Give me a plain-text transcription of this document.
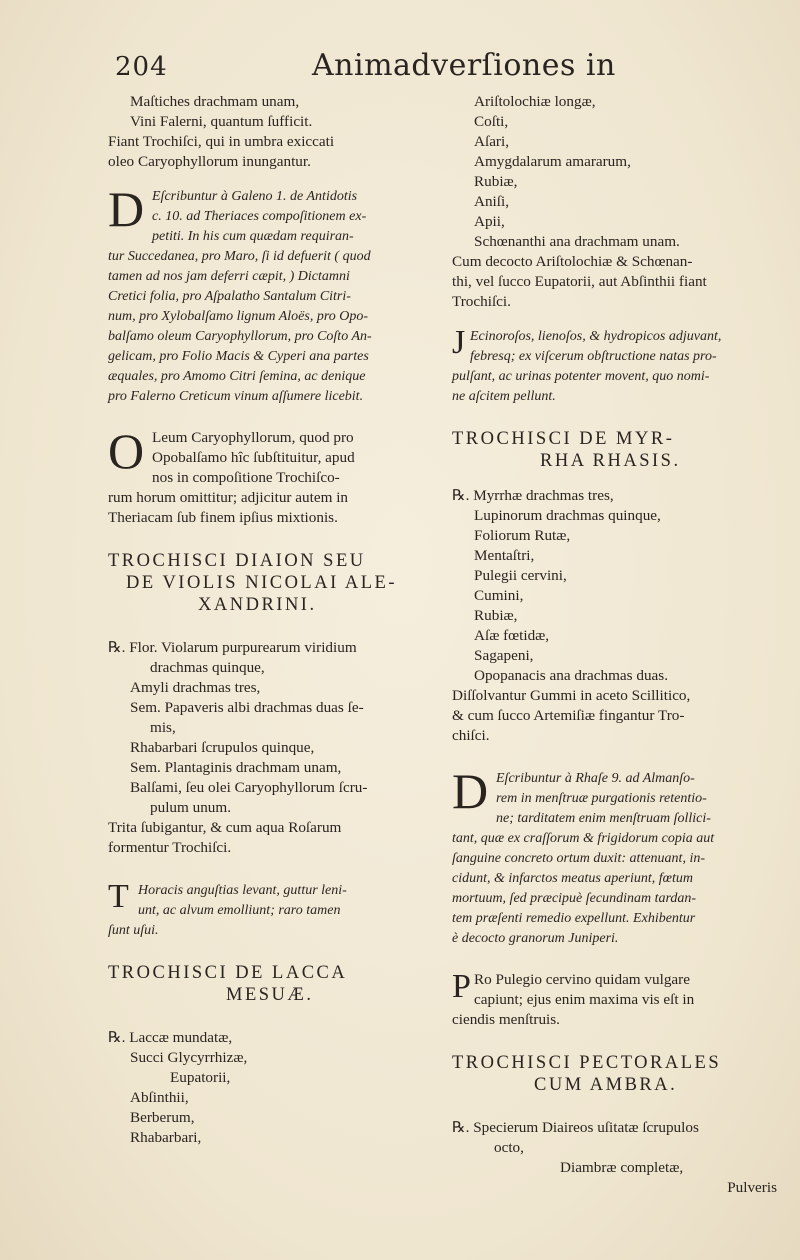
204	Animadverſiones in
Maſtiches drachmam unam,
Vini Falerni, quantum ſufficit.
Fiant Trochiſci, qui in umbra exiccati
oleo Caryophyllorum inungantur.
D Eſcribuntur à Galeno 1. de Antidotis
c. 10. ad Theriaces compoſitionem ex-
petiti. In his cum quædam requiran-
tur Succedanea, pro Maro, ſi id defuerit ( quod
tamen ad nos jam deferri cæpit, ) Dictamni
Cretici folia, pro Aſpalatho Santalum Citri-
num, pro Xylobalſamo lignum Aloës, pro Opo-
balſamo oleum Caryophyllorum, pro Coſto An-
gelicam, pro Folio Macis & Cyperi ana partes
æquales, pro Amomo Citri ſemina, ac denique
pro Falerno Creticum vinum aſſumere licebit.
O Leum Caryophyllorum, quod pro
Opobalſamo hîc ſubſtituitur, apud
nos in compoſitione Trochiſco-
rum horum omittitur; adjicitur autem in
Theriacam ſub finem ipſius mixtionis.
TROCHISCI DIAION SEU
DE VIOLIS NICOLAI ALE-
XANDRINI.
℞. Flor. Violarum purpurearum viridium
drachmas quinque,
Amyli drachmas tres,
Sem. Papaveris albi drachmas duas ſe-
mis,
Rhabarbari ſcrupulos quinque,
Sem. Plantaginis drachmam unam,
Balſami, ſeu olei Caryophyllorum ſcru-
pulum unum.
Trita ſubigantur, & cum aqua Roſarum
formentur Trochiſci.
T Horacis anguſtias levant, guttur leni-
unt, ac alvum emolliunt; raro tamen
ſunt uſui.
TROCHISCI DE LACCA
MESUÆ.
℞. Laccæ mundatæ,
Succi Glycyrrhizæ,
Eupatorii,
Abſinthii,
Berberum,
Rhabarbari,
Ariſtolochiæ longæ,
Coſti,
Aſari,
Amygdalarum amararum,
Rubiæ,
Aniſi,
Apii,
Schœnanthi ana drachmam unam.
Cum decocto Ariſtolochiæ & Schœnan-
thi, vel ſucco Eupatorii, aut Abſinthii fiant
Trochiſci.
J Ecinoroſos, lienoſos, & hydropicos adjuvant,
febresq; ex viſcerum obſtructione natas pro-
pulſant, ac urinas potenter movent, quo nomi-
ne aſcitem pellunt.
TROCHISCI DE MYR-
RHA RHASIS.
℞. Myrrhæ drachmas tres,
Lupinorum drachmas quinque,
Foliorum Rutæ,
Mentaſtri,
Pulegii cervini,
Cumini,
Rubiæ,
Aſæ fœtidæ,
Sagapeni,
Opopanacis ana drachmas duas.
Diſſolvantur Gummi in aceto Scillitico,
& cum ſucco Artemiſiæ fingantur Tro-
chiſci.
D Eſcribuntur à Rhaſe 9. ad Almanſo-
rem in menſtruæ purgationis retentio-
ne; tarditatem enim menſtruam ſollici-
tant, quæ ex craſſorum & frigidorum copia aut
ſanguine concreto ortum duxit: attenuant, in-
cidunt, & infarctos meatus aperiunt, fœtum
mortuum, ſed præcipuè ſecundinam tardan-
tem præſenti remedio expellunt. Exhibentur
è decocto granorum Juniperi.
P Ro Pulegio cervino quidam vulgare
capiunt; ejus enim maxima vis eſt in
ciendis menſtruis.
TROCHISCI PECTORALES
CUM AMBRA.
℞. Specierum Diaireos uſitatæ ſcrupulos
octo,
Diambræ completæ,
Pulveris
